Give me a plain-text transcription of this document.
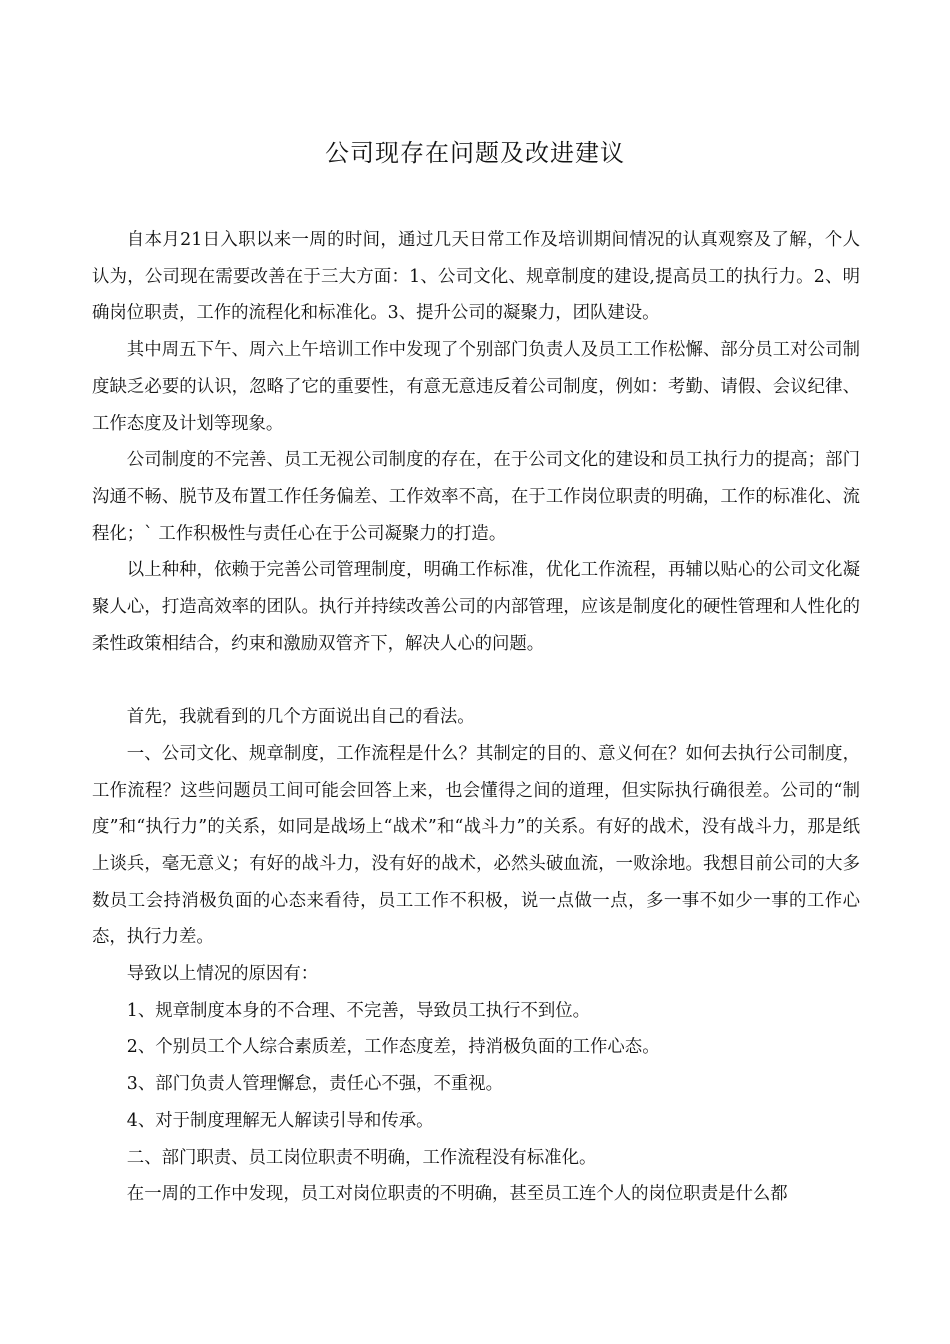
公司现存在问题及改进建议

自本月21日入职以来一周的时间，通过几天日常工作及培训期间情况的认真观察及了解，个人认为，公司现在需要改善在于三大方面：1、公司文化、规章制度的建设,提高员工的执行力。2、明确岗位职责，工作的流程化和标准化。3、提升公司的凝聚力，团队建设。

其中周五下午、周六上午培训工作中发现了个别部门负责人及员工工作松懈、部分员工对公司制度缺乏必要的认识，忽略了它的重要性，有意无意违反着公司制度，例如：考勤、请假、会议纪律、工作态度及计划等现象。

公司制度的不完善、员工无视公司制度的存在，在于公司文化的建设和员工执行力的提高；部门沟通不畅、脱节及布置工作任务偏差、工作效率不高，在于工作岗位职责的明确，工作的标准化、流程化；` 工作积极性与责任心在于公司凝聚力的打造。

以上种种，依赖于完善公司管理制度，明确工作标准，优化工作流程，再辅以贴心的公司文化凝聚人心，打造高效率的团队。执行并持续改善公司的内部管理，应该是制度化的硬性管理和人性化的柔性政策相结合，约束和激励双管齐下，解决人心的问题。

首先，我就看到的几个方面说出自己的看法。

一、公司文化、规章制度，工作流程是什么？其制定的目的、意义何在？如何去执行公司制度，工作流程？这些问题员工间可能会回答上来，也会懂得之间的道理，但实际执行确很差。公司的“制度”和“执行力”的关系，如同是战场上“战术”和“战斗力”的关系。有好的战术，没有战斗力，那是纸上谈兵，毫无意义；有好的战斗力，没有好的战术，必然头破血流，一败涂地。我想目前公司的大多数员工会持消极负面的心态来看待，员工工作不积极，说一点做一点，多一事不如少一事的工作心态，执行力差。

导致以上情况的原因有：

1、规章制度本身的不合理、不完善，导致员工执行不到位。

2、个别员工个人综合素质差，工作态度差，持消极负面的工作心态。

3、部门负责人管理懈怠，责任心不强，不重视。

4、对于制度理解无人解读引导和传承。

二、部门职责、员工岗位职责不明确，工作流程没有标准化。

在一周的工作中发现，员工对岗位职责的不明确，甚至员工连个人的岗位职责是什么都
